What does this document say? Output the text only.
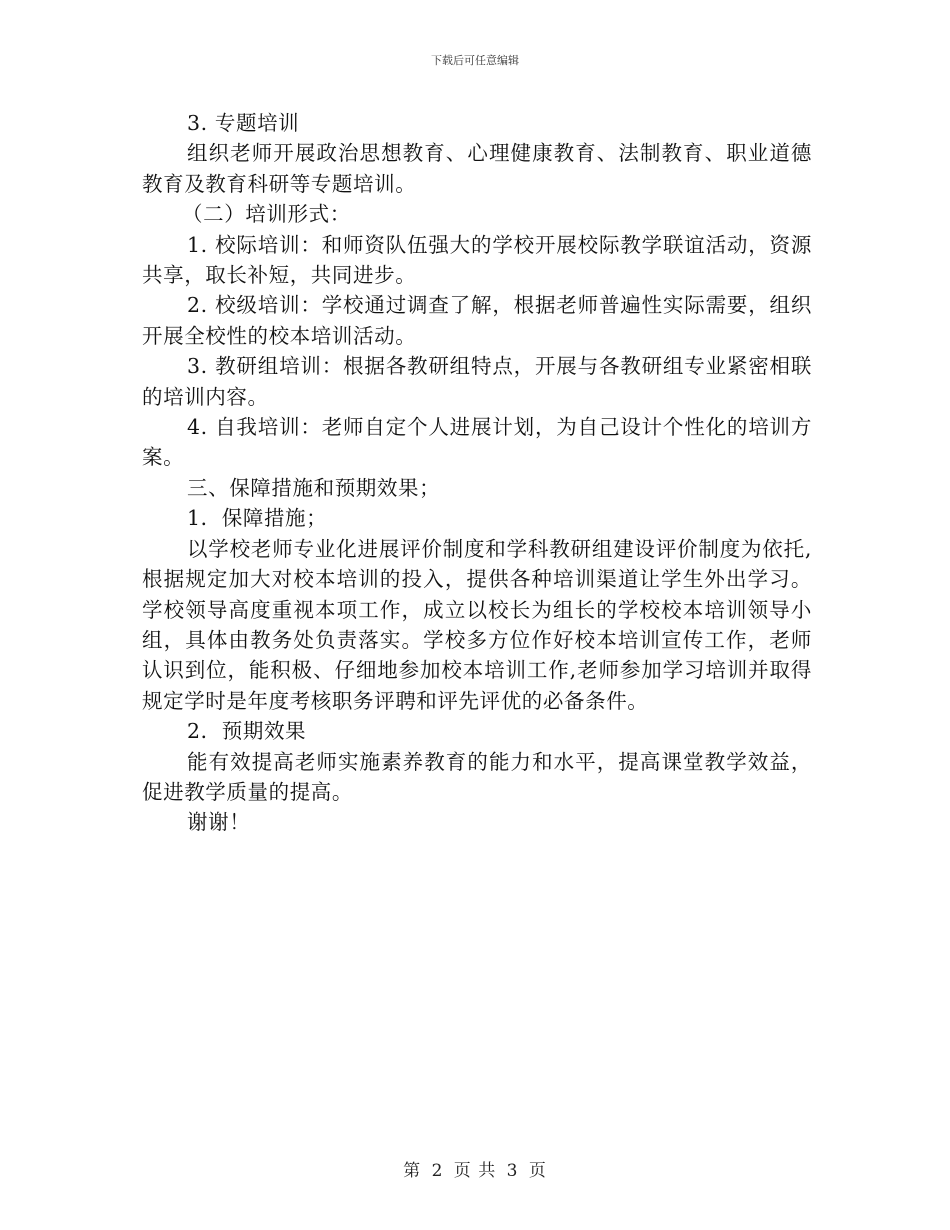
下载后可任意编辑

3. 专题培训

组织老师开展政治思想教育、心理健康教育、法制教育、职业道德教育及教育科研等专题培训。

（二）培训形式：

1. 校际培训：和师资队伍强大的学校开展校际教学联谊活动，资源共享，取长补短，共同进步。

2. 校级培训：学校通过调查了解，根据老师普遍性实际需要，组织开展全校性的校本培训活动。

3. 教研组培训：根据各教研组特点，开展与各教研组专业紧密相联的培训内容。

4. 自我培训：老师自定个人进展计划，为自己设计个性化的培训方案。

三、保障措施和预期效果；

1．保障措施；

以学校老师专业化进展评价制度和学科教研组建设评价制度为依托,根据规定加大对校本培训的投入，提供各种培训渠道让学生外出学习。学校领导高度重视本项工作，成立以校长为组长的学校校本培训领导小组，具体由教务处负责落实。学校多方位作好校本培训宣传工作，老师认识到位，能积极、仔细地参加校本培训工作,老师参加学习培训并取得规定学时是年度考核职务评聘和评先评优的必备条件。

2．预期效果

能有效提高老师实施素养教育的能力和水平，提高课堂教学效益，促进教学质量的提高。

谢谢！

第 2 页 共 3 页
